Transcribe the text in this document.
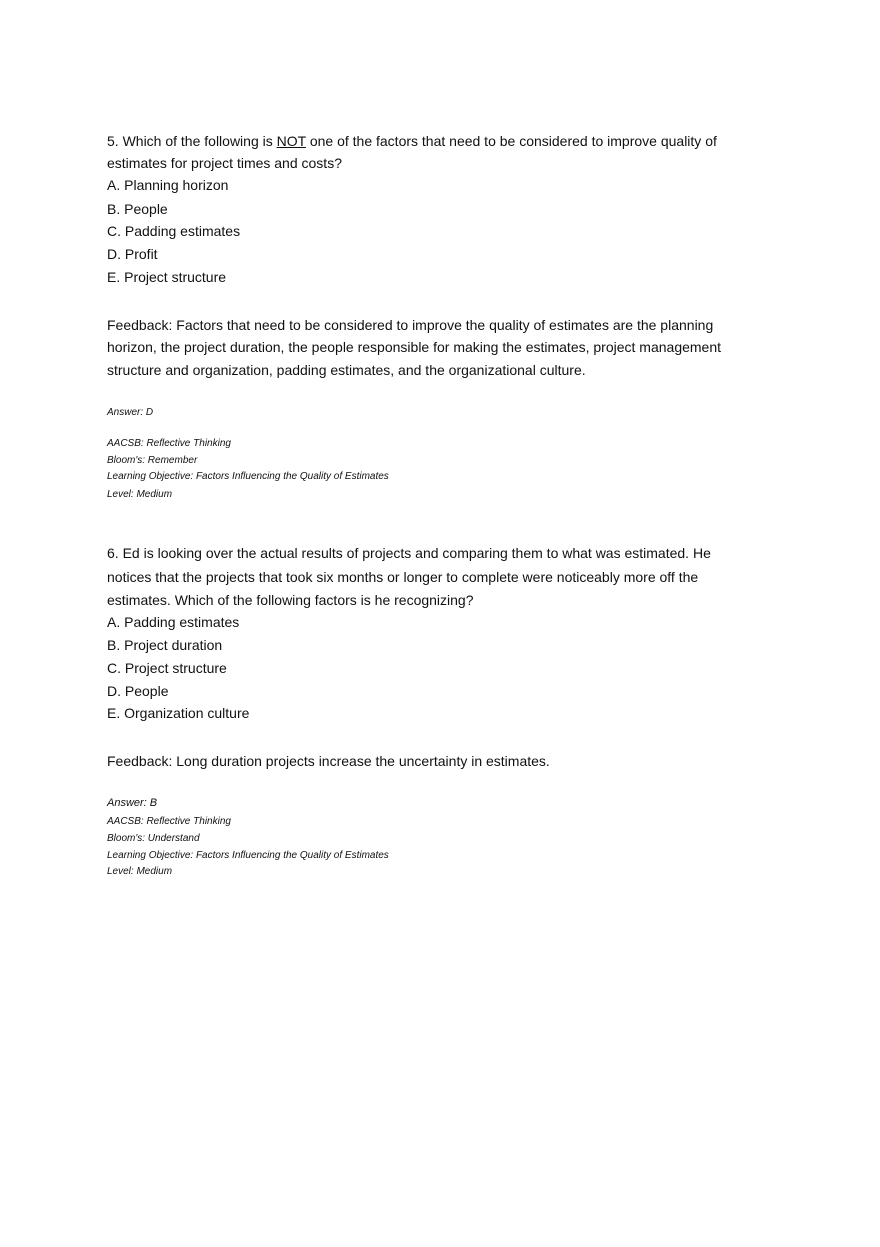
5. Which of the following is NOT one of the factors that need to be considered to improve quality of
estimates for project times and costs?
A. Planning horizon
B. People
C. Padding estimates
D. Profit
E. Project structure
Feedback: Factors that need to be considered to improve the quality of estimates are the planning
horizon, the project duration, the people responsible for making the estimates, project management
structure and organization, padding estimates, and the organizational culture.
Answer: D
AACSB: Reflective Thinking
Bloom's: Remember
Learning Objective: Factors Influencing the Quality of Estimates
Level: Medium
6. Ed is looking over the actual results of projects and comparing them to what was estimated. He
notices that the projects that took six months or longer to complete were noticeably more off the
estimates. Which of the following factors is he recognizing?
A. Padding estimates
B. Project duration
C. Project structure
D. People
E. Organization culture
Feedback: Long duration projects increase the uncertainty in estimates.
Answer: B
AACSB: Reflective Thinking
Bloom's: Understand
Learning Objective: Factors Influencing the Quality of Estimates
Level: Medium
